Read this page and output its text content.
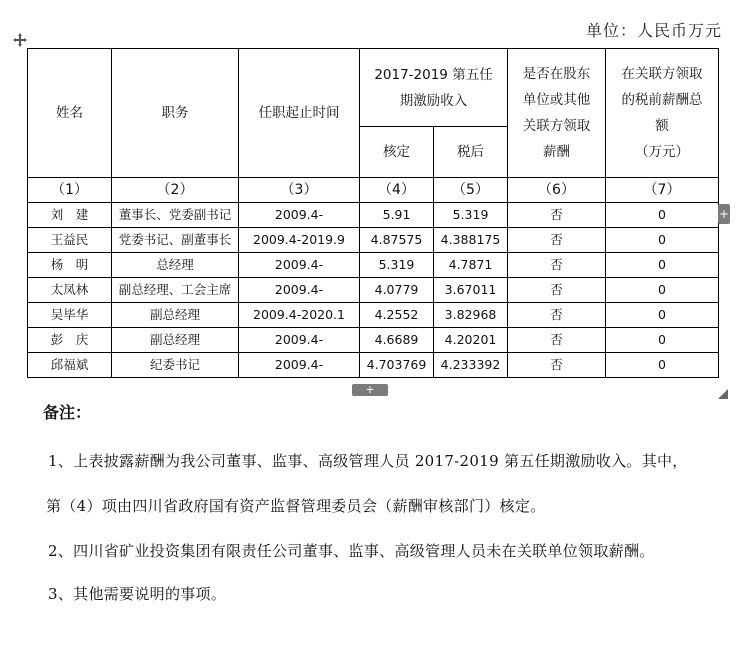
单位：人民币万元
姓名	职务	任职起止时间	2017-2019 第五任期激励收入		是否在股东单位或其他关联方领取薪酬	在关联方领取的税前薪酬总额
（万元）
			核定	税后		
（1）	（2）	（3）	（4）	（5）	（6）	（7）
刘　建	董事长、党委副书记	2009.4-	5.91	5.319	否	0
王益民	党委书记、副董事长	2009.4-2019.9	4.87575	4.388175	否	0
杨　明	总经理	2009.4-	5.319	4.7871	否	0
太凤林	副总经理、工会主席	2009.4-	4.0779	3.67011	否	0
吴毕华	副总经理	2009.4-2020.1	4.2552	3.82968	否	0
彭　庆	副总经理	2009.4-	4.6689	4.20201	否	0
邱福斌	纪委书记	2009.4-	4.703769	4.233392	否	0
+
+
备注：
1、上表披露薪酬为我公司董事、监事、高级管理人员 2017-2019 第五任期激励收入。其中，
第（4）项由四川省政府国有资产监督管理委员会（薪酬审核部门）核定。
2、四川省矿业投资集团有限责任公司董事、监事、高级管理人员未在关联单位领取薪酬。
3、其他需要说明的事项。
